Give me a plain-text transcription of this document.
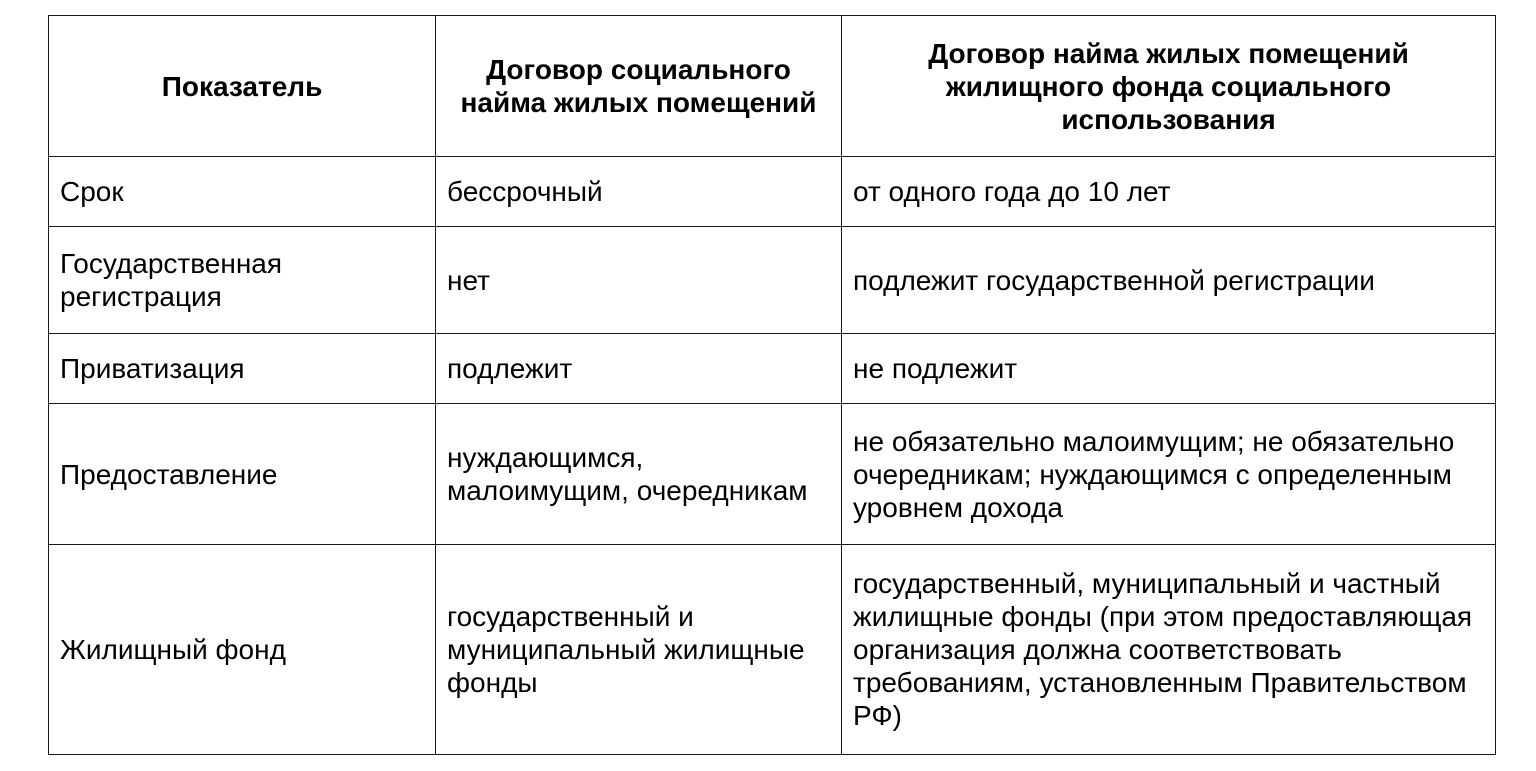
Показатель	Договор социального найма жилых помещений	Договор найма жилых помещений жилищного фонда социального использования
Срок	бессрочный	от одного года до 10 лет
Государственная регистрация	нет	подлежит государственной регистрации
Приватизация	подлежит	не подлежит
Предоставление	нуждающимся, малоимущим, очередникам	не обязательно малоимущим; не обязательно очередникам; нуждающимся с определенным уровнем дохода
Жилищный фонд	государственный и муниципальный жилищные фонды	государственный, муниципальный и частный жилищные фонды (при этом предоставляющая организация должна соответствовать требованиям, установленным Правительством РФ)
